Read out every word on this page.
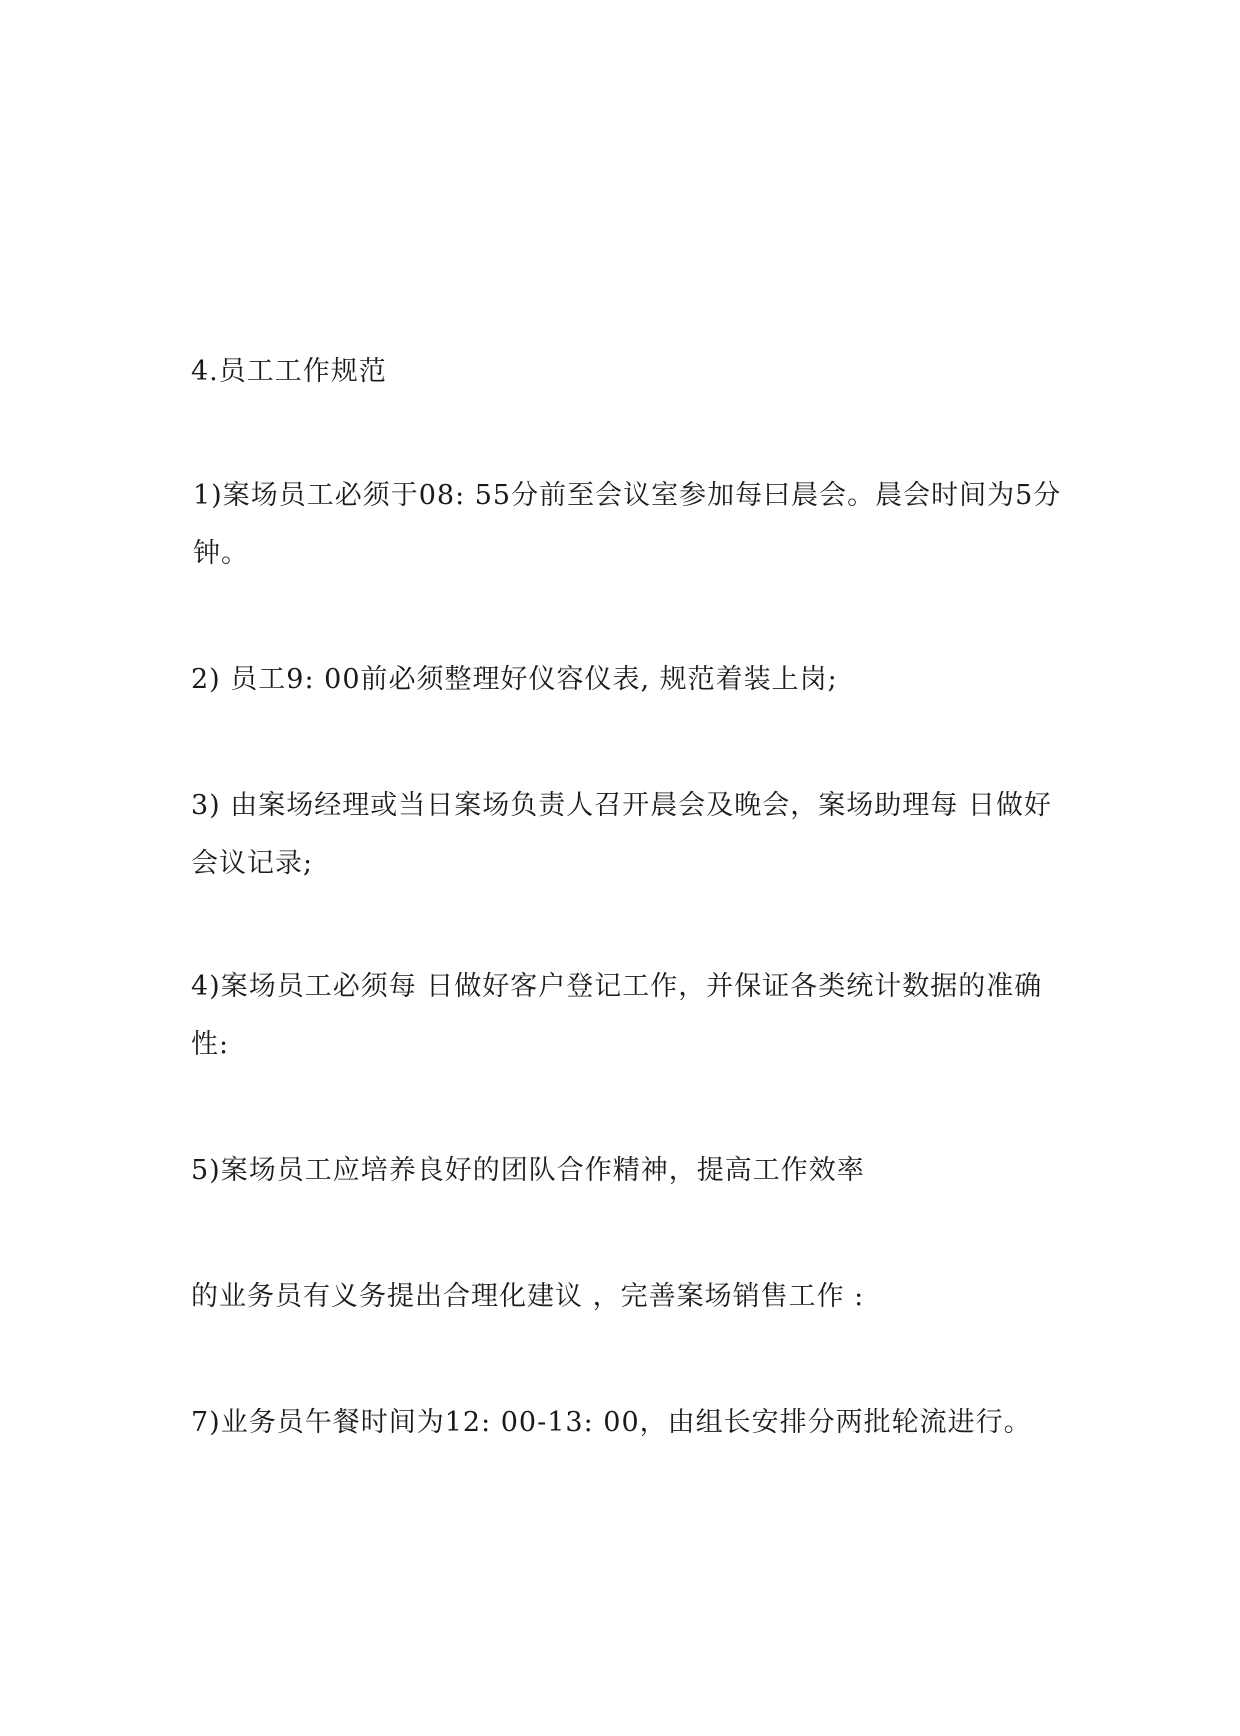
4.员工工作规范
1)案场员工必须于08: 55分前至会议室参加每曰晨会。晨会时间为5分钟。
2) 员工9: 00前必须整理好仪容仪表, 规范着装上岗;
3) 由案场经理或当日案场负责人召开晨会及晚会，案场助理每 日做好会议记录;
4)案场员工必须每 日做好客户登记工作，并保证各类统计数据的准确性:
5)案场员工应培养良好的团队合作精神，提高工作效率
的业务员有义务提出合理化建议 ，完善案场销售工作 :
7)业务员午餐时间为12: 00-13: 00，由组长安排分两批轮流进行。
